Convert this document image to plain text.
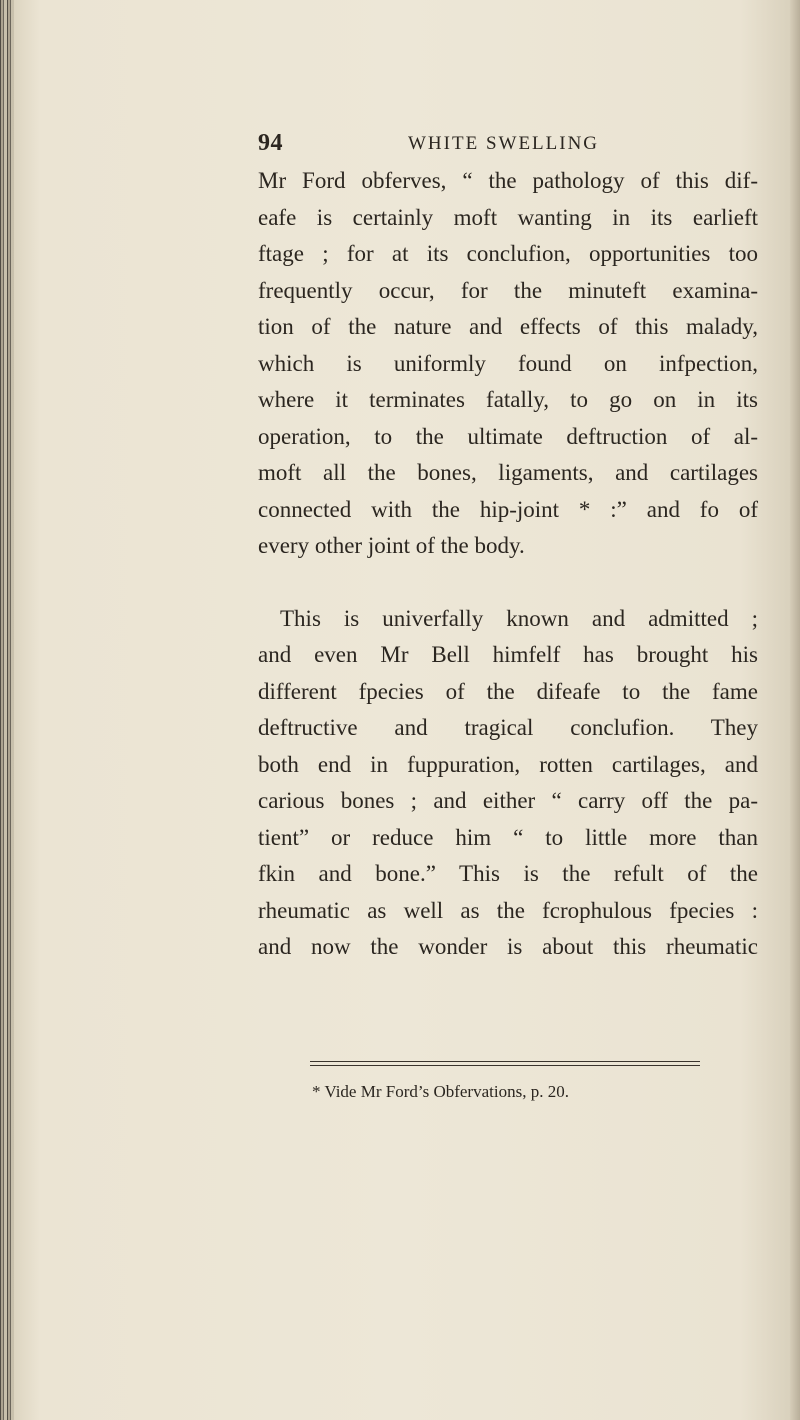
94	WHITE SWELLING
Mr Ford obferves, “ the pathology of this dif-
eafe is certainly moft wanting in its earlieft
ftage ; for at its conclufion, opportunities too
frequently occur, for the minuteft examina-
tion of the nature and effects of this malady,
which is uniformly found on infpection,
where it terminates fatally, to go on in its
operation, to the ultimate deftruction of al-
moft all the bones, ligaments, and cartilages
connected with the hip-joint * :” and fo of
every other joint of the body.
This is univerfally known and admitted ;
and even Mr Bell himfelf has brought his
different fpecies of the difeafe to the fame
deftructive and tragical conclufion. They
both end in fuppuration, rotten cartilages, and
carious bones ; and either “ carry off the pa-
tient” or reduce him “ to little more than
fkin and bone.” This is the refult of the
rheumatic as well as the fcrophulous fpecies :
and now the wonder is about this rheumatic
* Vide Mr Ford’s Obfervations, p. 20.
